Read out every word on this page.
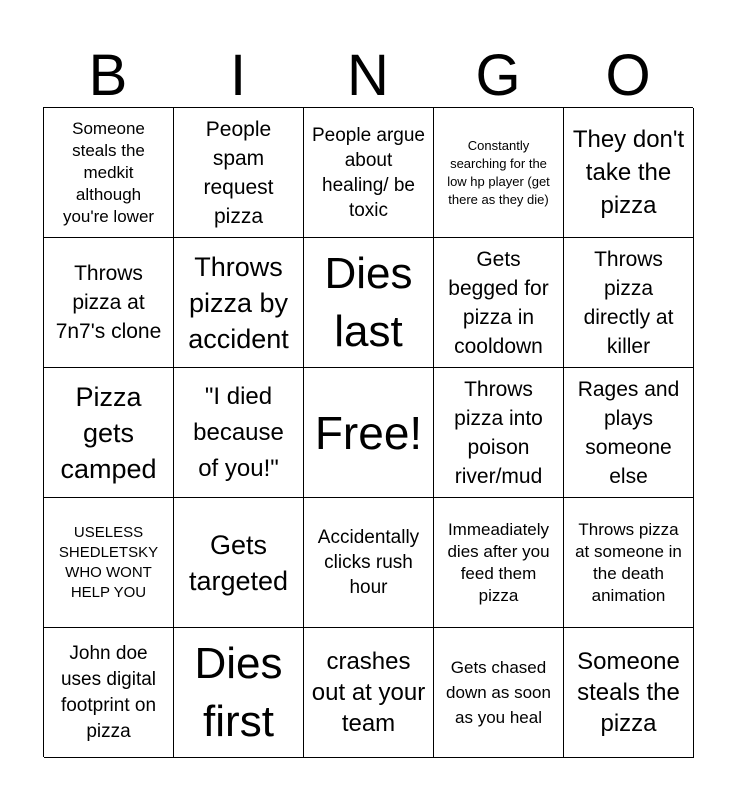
B	I	N	G	O
Someone steals the medkit although you're lower
People spam request pizza
People argue about healing/ be toxic
Constantly searching for the low hp player (get there as they die)
They don't take the pizza
Throws pizza at 7n7's clone
Throws pizza by accident
Dies last
Gets begged for pizza in cooldown
Throws pizza directly at killer
Pizza gets camped
"I died because of you!"
Free!
Throws pizza into poison river/mud
Rages and plays someone else
USELESS SHEDLETSKY WHO WONT HELP YOU
Gets targeted
Accidentally clicks rush hour
Immeadiately dies after you feed them pizza
Throws pizza at someone in the death animation
John doe uses digital footprint on pizza
Dies first
crashes out at your team
Gets chased down as soon as you heal
Someone steals the pizza
